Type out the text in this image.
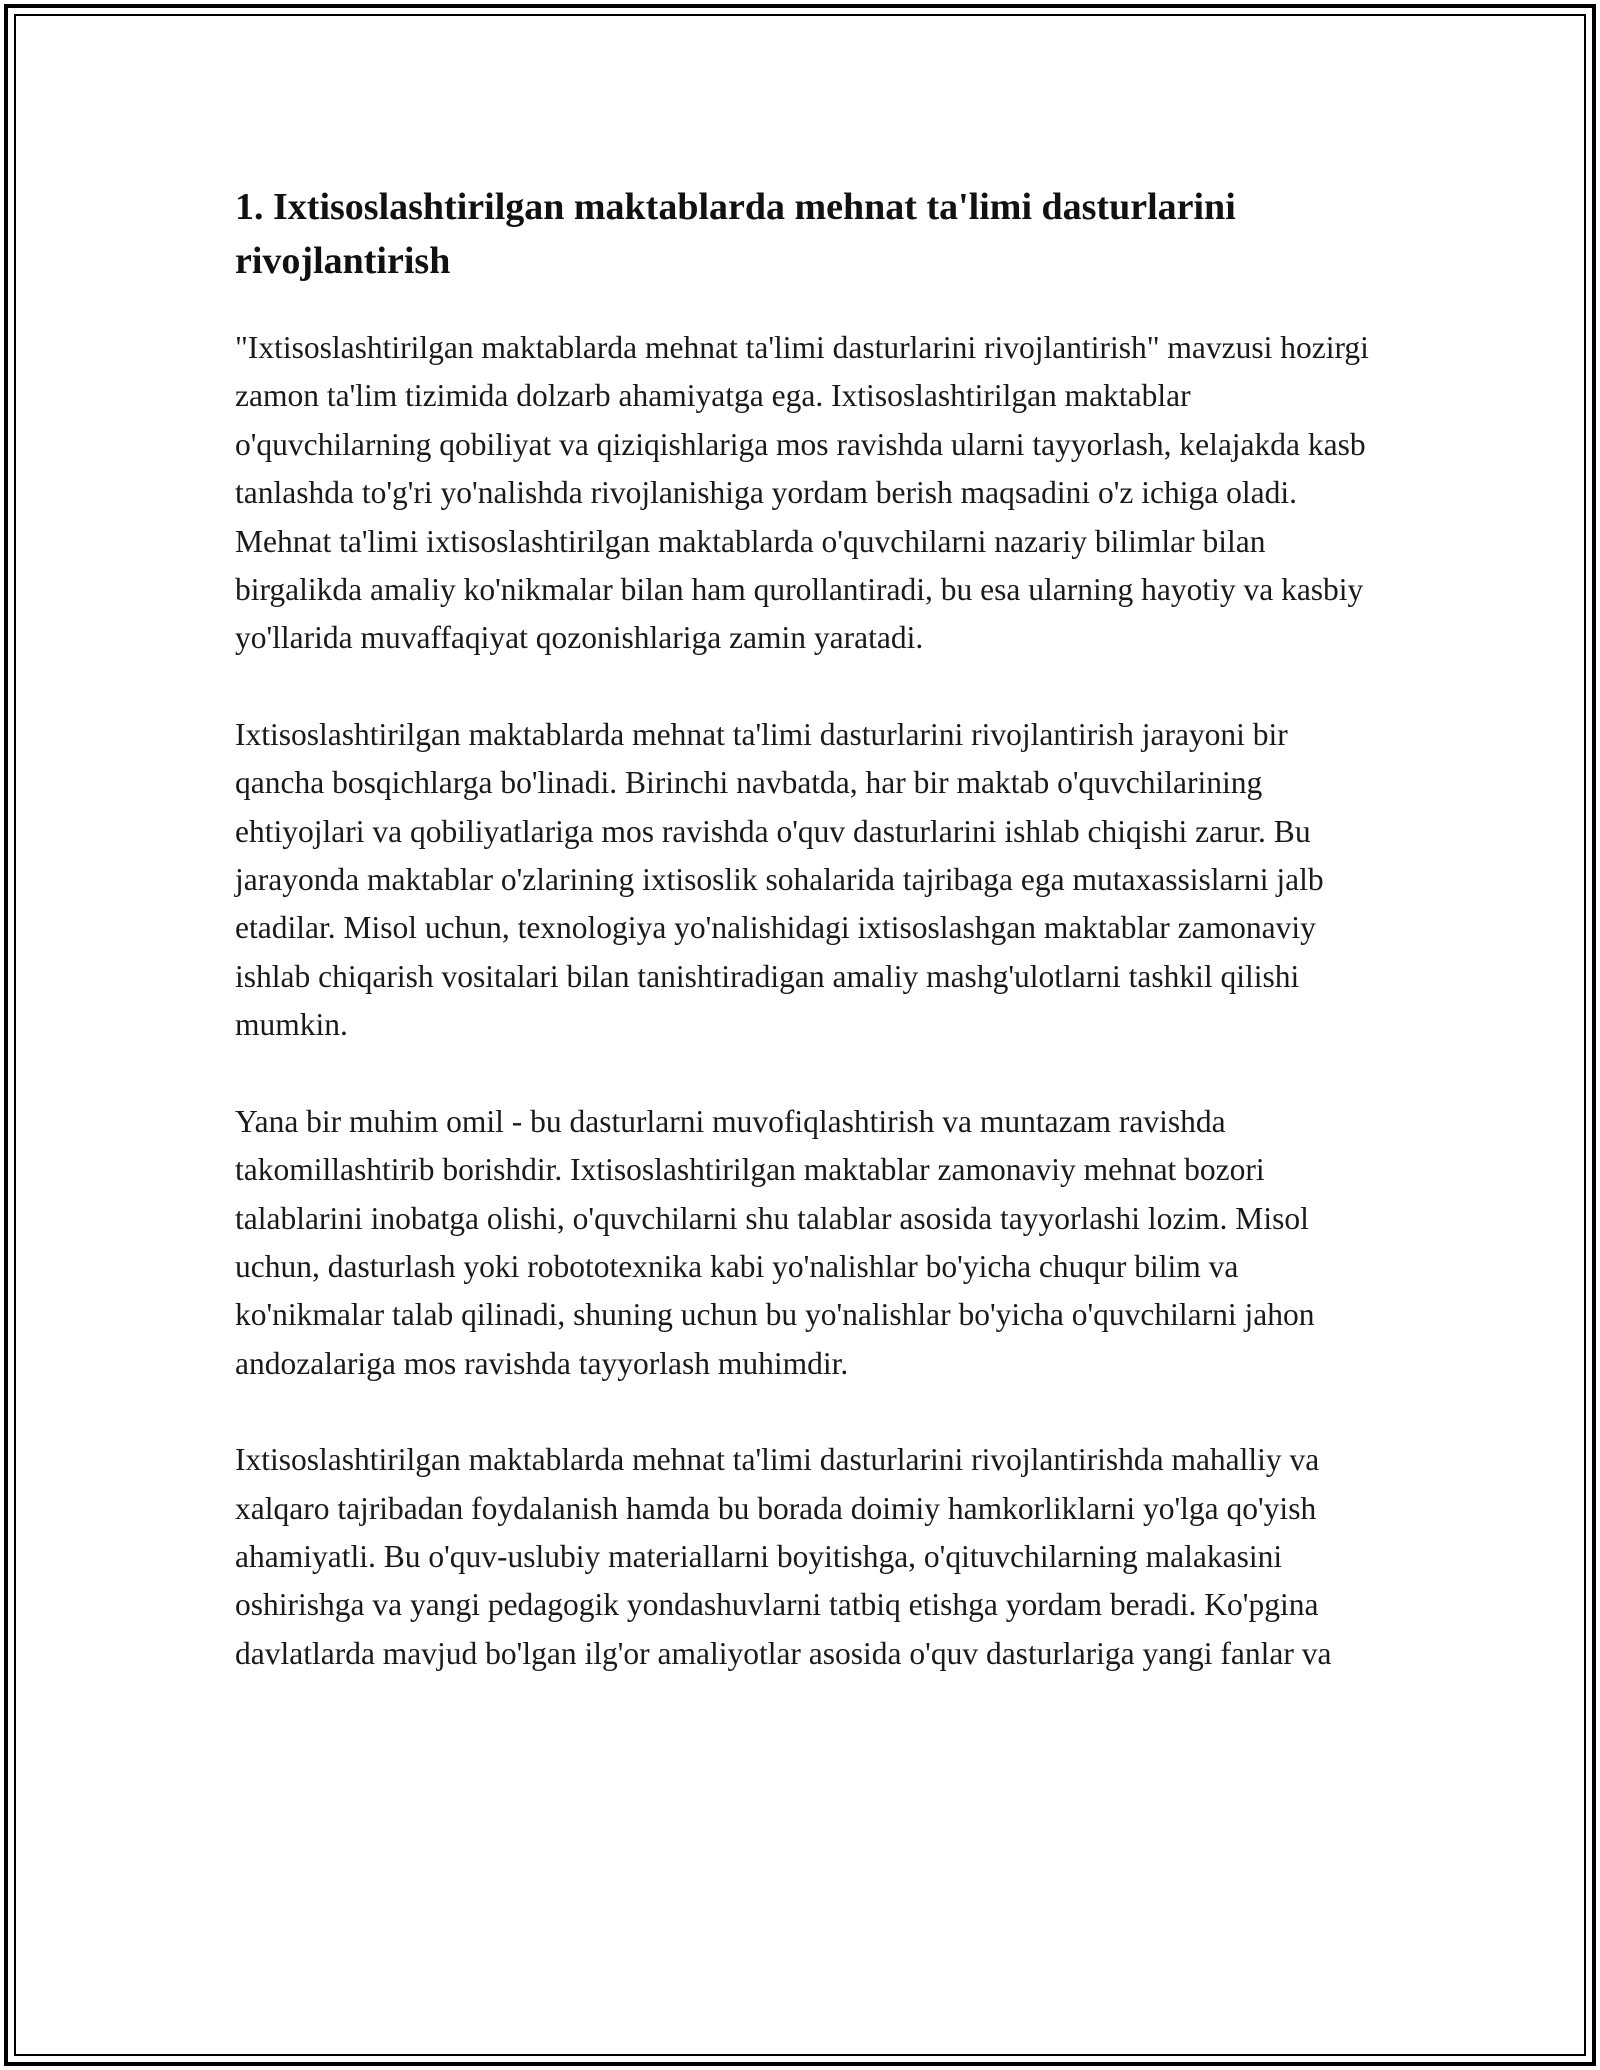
1. Ixtisoslashtirilgan maktablarda mehnat ta'limi dasturlarini rivojlantirish

"Ixtisoslashtirilgan maktablarda mehnat ta'limi dasturlarini rivojlantirish" mavzusi hozirgi zamon ta'lim tizimida dolzarb ahamiyatga ega. Ixtisoslashtirilgan maktablar o'quvchilarning qobiliyat va qiziqishlariga mos ravishda ularni tayyorlash, kelajakda kasb tanlashda to'g'ri yo'nalishda rivojlanishiga yordam berish maqsadini o'z ichiga oladi. Mehnat ta'limi ixtisoslashtirilgan maktablarda o'quvchilarni nazariy bilimlar bilan birgalikda amaliy ko'nikmalar bilan ham qurollantiradi, bu esa ularning hayotiy va kasbiy yo'llarida muvaffaqiyat qozonishlariga zamin yaratadi.

Ixtisoslashtirilgan maktablarda mehnat ta'limi dasturlarini rivojlantirish jarayoni bir qancha bosqichlarga bo'linadi. Birinchi navbatda, har bir maktab o'quvchilarining ehtiyojlari va qobiliyatlariga mos ravishda o'quv dasturlarini ishlab chiqishi zarur. Bu jarayonda maktablar o'zlarining ixtisoslik sohalarida tajribaga ega mutaxassislarni jalb etadilar. Misol uchun, texnologiya yo'nalishidagi ixtisoslashgan maktablar zamonaviy ishlab chiqarish vositalari bilan tanishtiradigan amaliy mashg'ulotlarni tashkil qilishi mumkin.

Yana bir muhim omil - bu dasturlarni muvofiqlashtirish va muntazam ravishda takomillashtirib borishdir. Ixtisoslashtirilgan maktablar zamonaviy mehnat bozori talablarini inobatga olishi, o'quvchilarni shu talablar asosida tayyorlashi lozim. Misol uchun, dasturlash yoki robototexnika kabi yo'nalishlar bo'yicha chuqur bilim va ko'nikmalar talab qilinadi, shuning uchun bu yo'nalishlar bo'yicha o'quvchilarni jahon andozalariga mos ravishda tayyorlash muhimdir.

Ixtisoslashtirilgan maktablarda mehnat ta'limi dasturlarini rivojlantirishda mahalliy va xalqaro tajribadan foydalanish hamda bu borada doimiy hamkorliklarni yo'lga qo'yish ahamiyatli. Bu o'quv-uslubiy materiallarni boyitishga, o'qituvchilarning malakasini oshirishga va yangi pedagogik yondashuvlarni tatbiq etishga yordam beradi. Ko'pgina davlatlarda mavjud bo'lgan ilg'or amaliyotlar asosida o'quv dasturlariga yangi fanlar va
